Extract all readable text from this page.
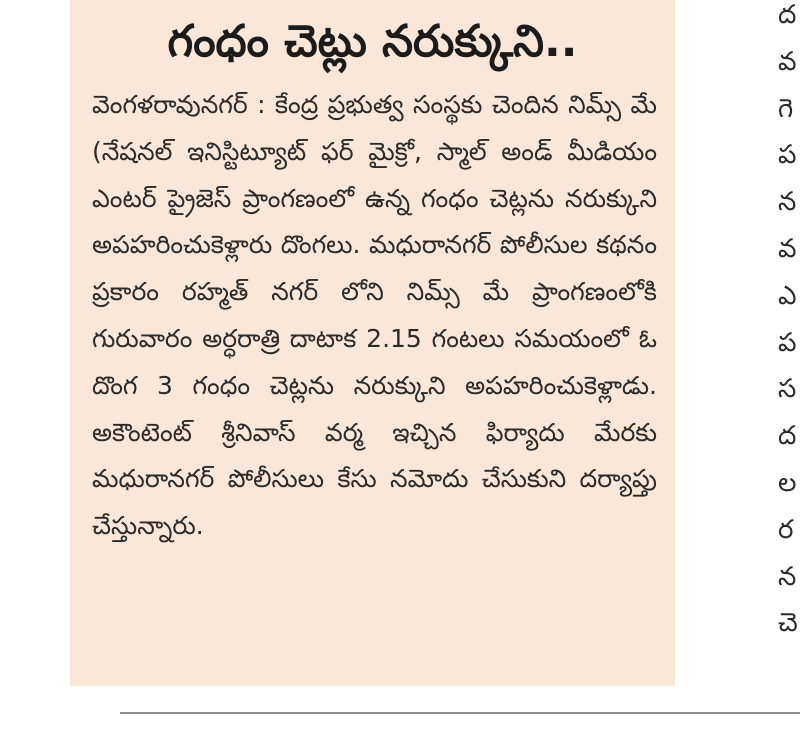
గంధం చెట్లు నరుక్కుని..
వెంగళరావునగర్ : కేంద్ర ప్రభుత్వ సంస్థకు చెందిన నిమ్స్ మే (నేషనల్ ఇనిస్టిట్యూట్ ఫర్ మైక్రో, స్మాల్ అండ్ మీడియం ఎంటర్ ప్రైజెస్ ప్రాంగణంలో ఉన్న గంధం చెట్లను నరుక్కుని అపహరించుకెళ్లారు దొంగలు. మధురానగర్ పోలీసుల కథనం ప్రకారం రహ్మత్ నగర్ లోని నిమ్స్ మే ప్రాంగణంలోకి గురువారం అర్ధరాత్రి దాటాక 2.15 గంటలు సమయంలో ఓ దొంగ 3 గంధం చెట్లను నరుక్కుని అపహరించుకెళ్లాడు. అకౌంటెంట్ శ్రీనివాస్ వర్మ ఇచ్చిన ఫిర్యాదు మేరకు మధురానగర్ పోలీసులు కేసు నమోదు చేసుకుని దర్యాప్తు చేస్తున్నారు.
ద
వ
గె
ప
న
వ
ఎ
ప
స
ద
ల
ర
న
చె
